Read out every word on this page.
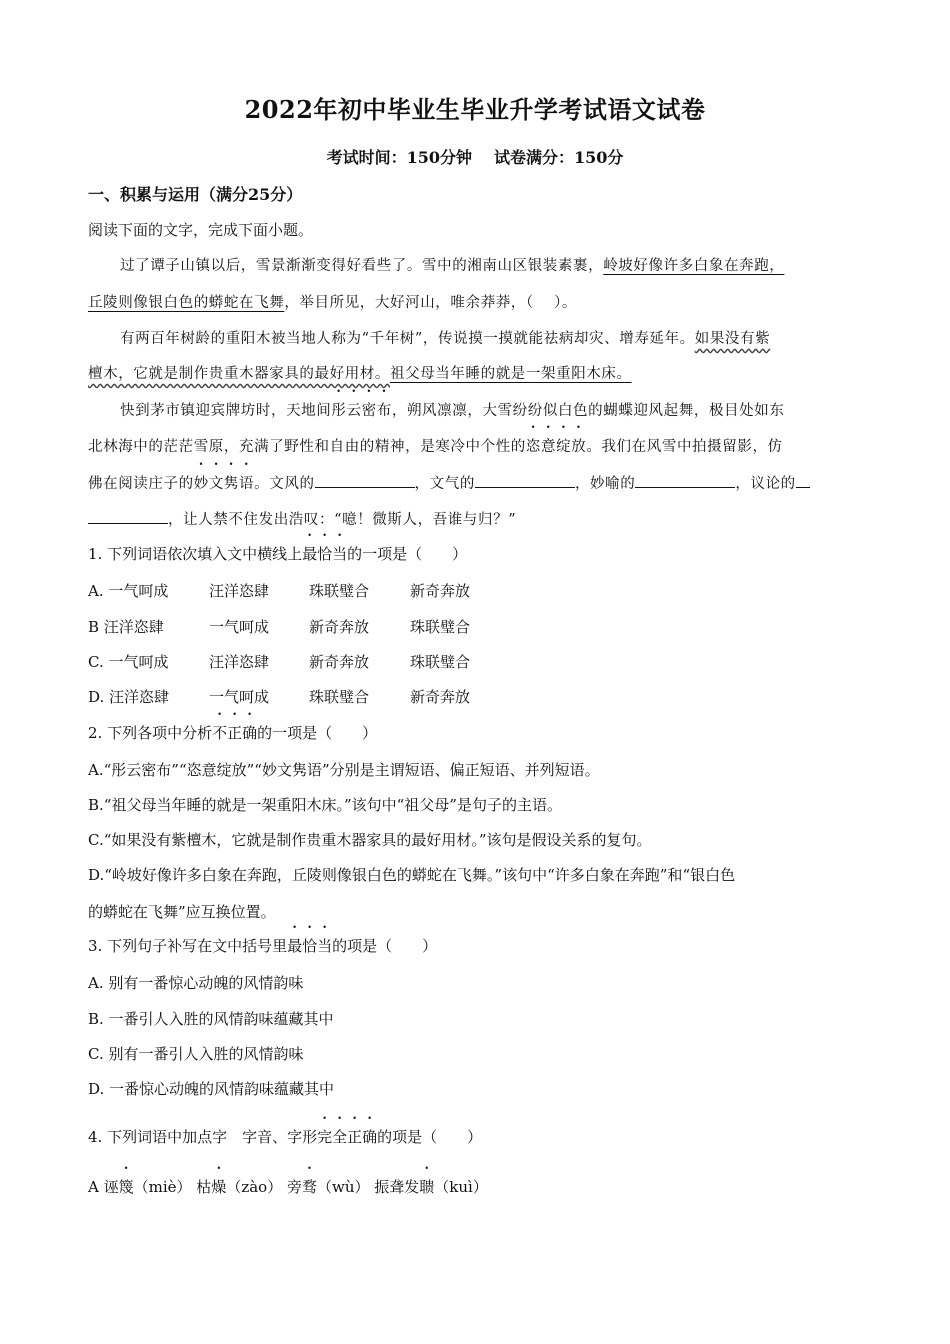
2022年初中毕业生毕业升学考试语文试卷
考试时间：150分钟 试卷满分：150分
一、积累与运用（满分25分）
阅读下面的文字，完成下面小题。
过了谭子山镇以后，雪景渐渐变得好看些了。雪中的湘南山区银装素裹，岭坡好像许多白象在奔跑，
丘陵则像银白色的蟒蛇在飞舞，举目所见，大好河山，唯余莽莽，（　 ）。
有两百年树龄的重阳木被当地人称为“千年树”，传说摸一摸就能祛病却灾、增寿延年。如果没有紫
檀木，它就是制作贵重木器家具的最好用材。祖父母当年睡的就是一架重阳木床。
快到茅市镇迎宾牌坊时，天地间彤云密布，朔风凛凛，大雪纷纷似白色的蝴蝶迎风起舞，极目处如东
北林海中的茫茫雪原，充满了野性和自由的精神，是寒冷中个性的恣意绽放。我们在风雪中拍摄留影，仿
佛在阅读庄子的妙文隽语。文风的	，文气的	，妙喻的	，议论的
，让人禁不住发出浩叹：“噫！微斯人，吾谁与归？”
1. 下列词语依次填入文中横线上最恰当的一项是（　　）
A. 一气呵成	汪洋恣肆	珠联璧合	新奇奔放
B 汪洋恣肆	一气呵成	新奇奔放	珠联璧合
C. 一气呵成	汪洋恣肆	新奇奔放	珠联璧合
D. 汪洋恣肆	一气呵成	珠联璧合	新奇奔放
2. 下列各项中分析不正确的一项是（　　）
A.“彤云密布”“恣意绽放”“妙文隽语”分别是主谓短语、偏正短语、并列短语。
B.“祖父母当年睡的就是一架重阳木床。”该句中“祖父母”是句子的主语。
C.“如果没有紫檀木，它就是制作贵重木器家具的最好用材。”该句是假设关系的复句。
D.“岭坡好像许多白象在奔跑，丘陵则像银白色的蟒蛇在飞舞。”该句中“许多白象在奔跑”和“银白色
的蟒蛇在飞舞”应互换位置。
3. 下列句子补写在文中括号里最恰当的项是（　　）
A. 别有一番惊心动魄的风情韵味
B. 一番引人入胜的风情韵味蕴藏其中
C. 别有一番引人入胜的风情韵味
D. 一番惊心动魄的风情韵味蕴藏其中
4. 下列词语中加点字　字音、字形完全正确的项是（　　）
A 诬篾（miè） 枯燥（zào） 旁骛（wù） 振聋发聩（kuì）
